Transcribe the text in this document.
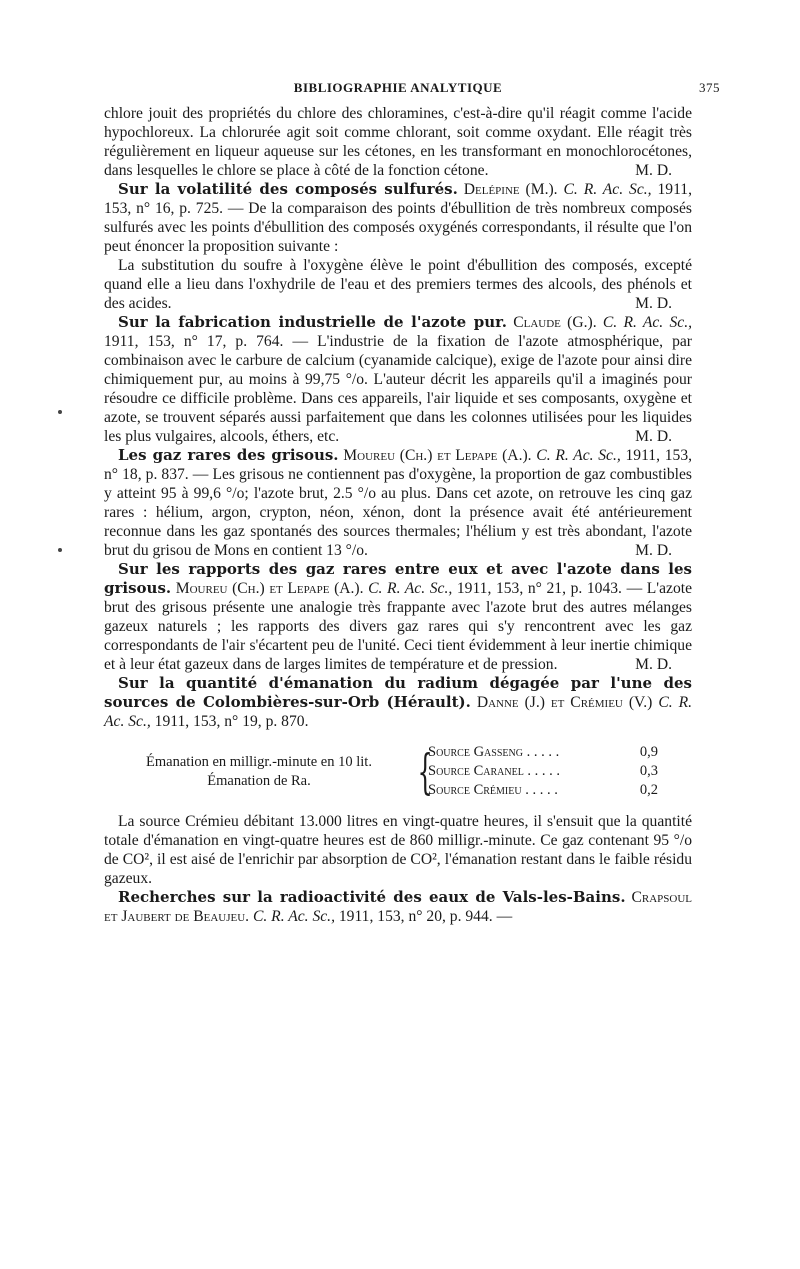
BIBLIOGRAPHIE ANALYTIQUE	375

chlore jouit des propriétés du chlore des chloramines, c'est-à-dire qu'il réagit comme l'acide hypochloreux. La chlorurée agit soit comme chlorant, soit comme oxydant. Elle réagit très régulièrement en liqueur aqueuse sur les cétones, en les transformant en monochlorocétones, dans lesquelles le chlore se place à côté de la fonction cétone.	M. D.

Sur la volatilité des composés sulfurés. Delépine (M.). C. R. Ac. Sc., 1911, 153, n° 16, p. 725. — De la comparaison des points d'ébullition de très nombreux composés sulfurés avec les points d'ébullition des composés oxygénés correspondants, il résulte que l'on peut énoncer la proposition suivante :

La substitution du soufre à l'oxygène élève le point d'ébullition des composés, excepté quand elle a lieu dans l'oxhydrile de l'eau et des premiers termes des alcools, des phénols et des acides.	M. D.

Sur la fabrication industrielle de l'azote pur. Claude (G.). C. R. Ac. Sc., 1911, 153, n° 17, p. 764. — L'industrie de la fixation de l'azote atmosphérique, par combinaison avec le carbure de calcium (cyanamide calcique), exige de l'azote pour ainsi dire chimiquement pur, au moins à 99,75 °/o. L'auteur décrit les appareils qu'il a imaginés pour résoudre ce difficile problème. Dans ces appareils, l'air liquide et ses composants, oxygène et azote, se trouvent séparés aussi parfaitement que dans les colonnes utilisées pour les liquides les plus vulgaires, alcools, éthers, etc.	M. D.

Les gaz rares des grisous. Moureu (Ch.) et Lepape (A.). C. R. Ac. Sc., 1911, 153, n° 18, p. 837. — Les grisous ne contiennent pas d'oxygène, la proportion de gaz combustibles y atteint 95 à 99,6 °/o; l'azote brut, 2.5 °/o au plus. Dans cet azote, on retrouve les cinq gaz rares : hélium, argon, crypton, néon, xénon, dont la présence avait été antérieurement reconnue dans les gaz spontanés des sources thermales; l'hélium y est très abondant, l'azote brut du grisou de Mons en contient 13 °/o.	M. D.

Sur les rapports des gaz rares entre eux et avec l'azote dans les grisous. Moureu (Ch.) et Lepape (A.). C. R. Ac. Sc., 1911, 153, n° 21, p. 1043. — L'azote brut des grisous présente une analogie très frappante avec l'azote brut des autres mélanges gazeux naturels ; les rapports des divers gaz rares qui s'y rencontrent avec les gaz correspondants de l'air s'écartent peu de l'unité. Ceci tient évidemment à leur inertie chimique et à leur état gazeux dans de larges limites de température et de pression.	M. D.

Sur la quantité d'émanation du radium dégagée par l'une des sources de Colombières-sur-Orb (Hérault). Danne (J.) et Crémieu (V.) C. R. Ac. Sc., 1911, 153, n° 19, p. 870.

Émanation en milligr.-minute en 10 lit.
Émanation de Ra.	{
Source Gasseng . . . . .	0,9
Source Caranel . . . . .	0,3
Source Crémieu . . . . .	0,2

La source Crémieu débitant 13.000 litres en vingt-quatre heures, il s'ensuit que la quantité totale d'émanation en vingt-quatre heures est de 860 milligr.-minute. Ce gaz contenant 95 °/o de CO², il est aisé de l'enrichir par absorption de CO², l'émanation restant dans le faible résidu gazeux.

Recherches sur la radioactivité des eaux de Vals-les-Bains. Crapsoul et Jaubert de Beaujeu. C. R. Ac. Sc., 1911, 153, n° 20, p. 944. —
